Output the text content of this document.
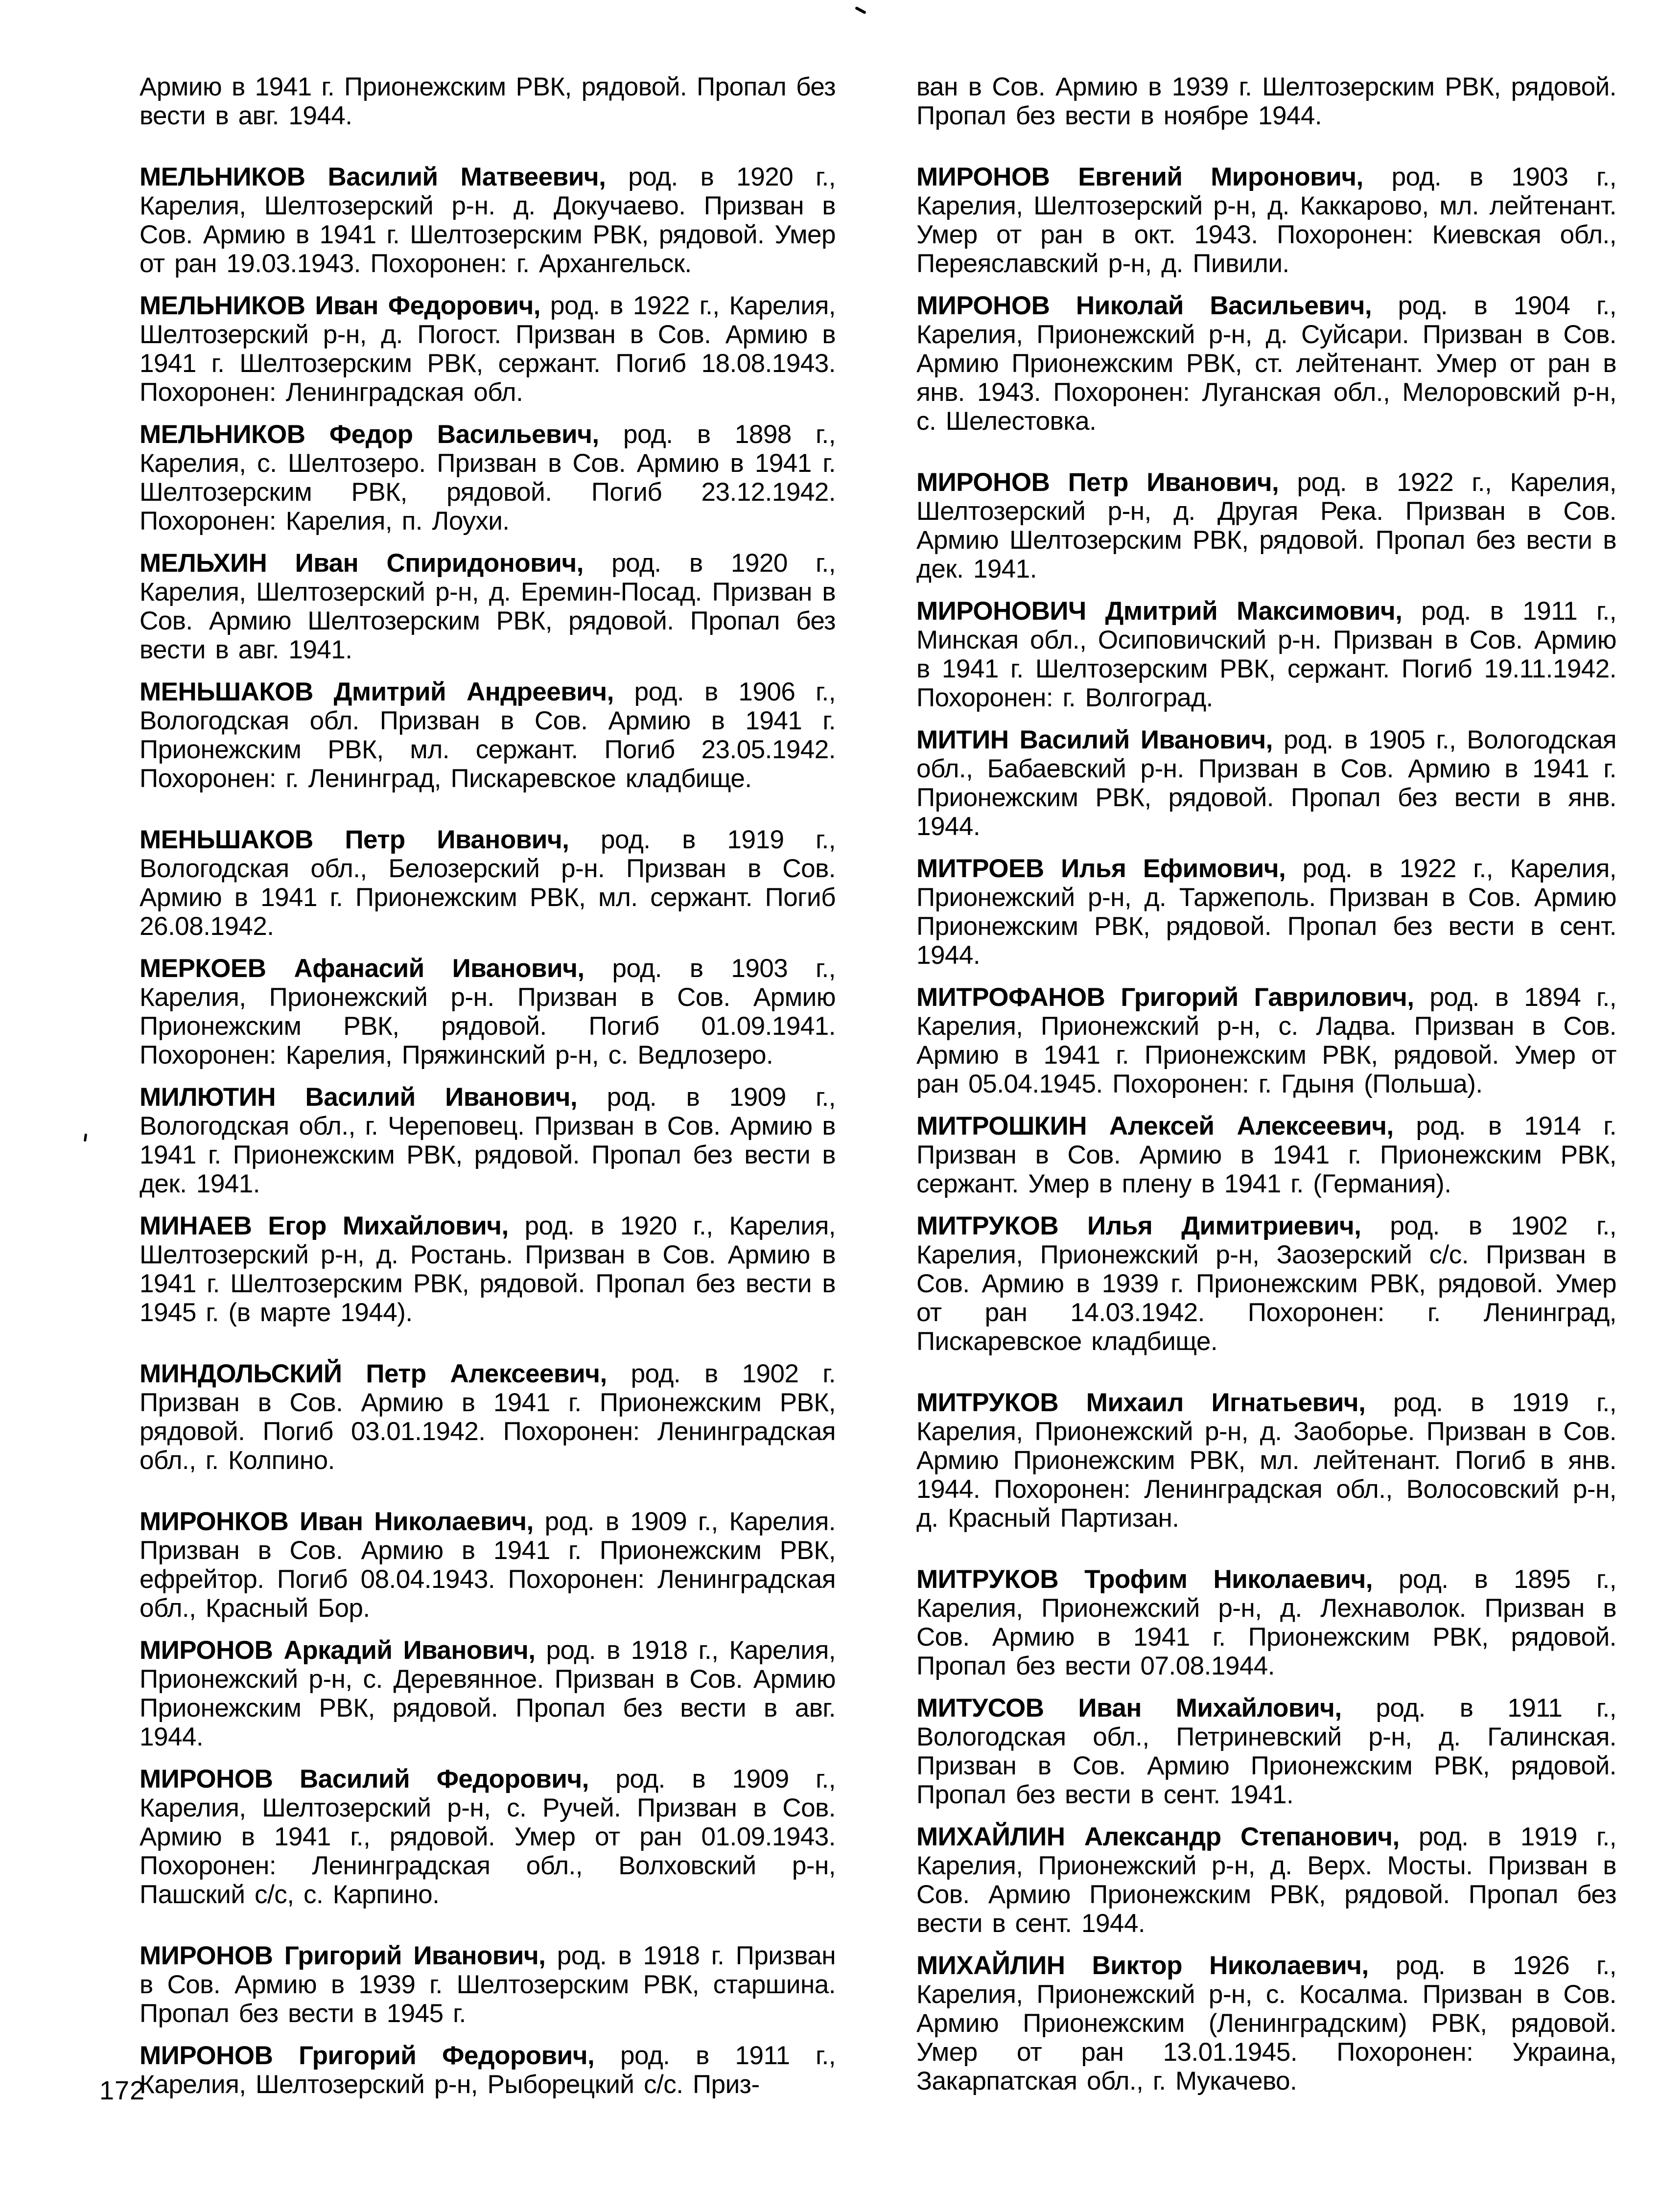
Армию в 1941 г. Прионежским РВК, рядовой. Пропал без вести в авг. 1944.

МЕЛЬНИКОВ Василий Матвеевич, род. в 1920 г., Карелия, Шелтозерский р-н. д. Докучаево. Призван в Сов. Армию в 1941 г. Шелтозерским РВК, рядовой. Умер от ран 19.03.1943. Похоронен: г. Архангельск.

МЕЛЬНИКОВ Иван Федорович, род. в 1922 г., Карелия, Шелтозерский р-н, д. Погост. Призван в Сов. Армию в 1941 г. Шелтозерским РВК, сержант. Погиб 18.08.1943. Похоронен: Ленинградская обл.

МЕЛЬНИКОВ Федор Васильевич, род. в 1898 г., Карелия, с. Шелтозеро. Призван в Сов. Армию в 1941 г. Шелтозерским РВК, рядовой. Погиб 23.12.1942. Похоронен: Карелия, п. Лоухи.

МЕЛЬХИН Иван Спиридонович, род. в 1920 г., Карелия, Шелтозерский р-н, д. Еремин-Посад. Призван в Сов. Армию Шелтозерским РВК, рядовой. Пропал без вести в авг. 1941.

МЕНЬШАКОВ Дмитрий Андреевич, род. в 1906 г., Вологодская обл. Призван в Сов. Армию в 1941 г. Прионежским РВК, мл. сержант. Погиб 23.05.1942. Похоронен: г. Ленинград, Пискаревское кладбище.

МЕНЬШАКОВ Петр Иванович, род. в 1919 г., Вологодская обл., Белозерский р-н. Призван в Сов. Армию в 1941 г. Прионежским РВК, мл. сержант. Погиб 26.08.1942.

МЕРКОЕВ Афанасий Иванович, род. в 1903 г., Карелия, Прионежский р-н. Призван в Сов. Армию Прионежским РВК, рядовой. Погиб 01.09.1941. Похоронен: Карелия, Пряжинский р-н, с. Ведлозеро.

МИЛЮТИН Василий Иванович, род. в 1909 г., Вологодская обл., г. Череповец. Призван в Сов. Армию в 1941 г. Прионежским РВК, рядовой. Пропал без вести в дек. 1941.

МИНАЕВ Егор Михайлович, род. в 1920 г., Карелия, Шелтозерский р-н, д. Ростань. Призван в Сов. Армию в 1941 г. Шелтозерским РВК, рядовой. Пропал без вести в 1945 г. (в марте 1944).

МИНДОЛЬСКИЙ Петр Алексеевич, род. в 1902 г. Призван в Сов. Армию в 1941 г. Прионежским РВК, рядовой. Погиб 03.01.1942. Похоронен: Ленинградская обл., г. Колпино.

МИРОНКОВ Иван Николаевич, род. в 1909 г., Карелия. Призван в Сов. Армию в 1941 г. Прионежским РВК, ефрейтор. Погиб 08.04.1943. Похоронен: Ленинградская обл., Красный Бор.

МИРОНОВ Аркадий Иванович, род. в 1918 г., Карелия, Прионежский р-н, с. Деревянное. Призван в Сов. Армию Прионежским РВК, рядовой. Пропал без вести в авг. 1944.

МИРОНОВ Василий Федорович, род. в 1909 г., Карелия, Шелтозерский р-н, с. Ручей. Призван в Сов. Армию в 1941 г., рядовой. Умер от ран 01.09.1943. Похоронен: Ленинградская обл., Волховский р-н, Пашский с/с, с. Карпино.

МИРОНОВ Григорий Иванович, род. в 1918 г. Призван в Сов. Армию в 1939 г. Шелтозерским РВК, старшина. Пропал без вести в 1945 г.

МИРОНОВ Григорий Федорович, род. в 1911 г., Карелия, Шелтозерский р-н, Рыборецкий с/с. Приз-

ван в Сов. Армию в 1939 г. Шелтозерским РВК, рядовой. Пропал без вести в ноябре 1944.

МИРОНОВ Евгений Миронович, род. в 1903 г., Карелия, Шелтозерский р-н, д. Каккарово, мл. лейтенант. Умер от ран в окт. 1943. Похоронен: Киевская обл., Переяславский р-н, д. Пивили.

МИРОНОВ Николай Васильевич, род. в 1904 г., Карелия, Прионежский р-н, д. Суйсари. Призван в Сов. Армию Прионежским РВК, ст. лейтенант. Умер от ран в янв. 1943. Похоронен: Луганская обл., Мелоровский р-н, с. Шелестовка.

МИРОНОВ Петр Иванович, род. в 1922 г., Карелия, Шелтозерский р-н, д. Другая Река. Призван в Сов. Армию Шелтозерским РВК, рядовой. Пропал без вести в дек. 1941.

МИРОНОВИЧ Дмитрий Максимович, род. в 1911 г., Минская обл., Осиповичский р-н. Призван в Сов. Армию в 1941 г. Шелтозерским РВК, сержант. Погиб 19.11.1942. Похоронен: г. Волгоград.

МИТИН Василий Иванович, род. в 1905 г., Вологодская обл., Бабаевский р-н. Призван в Сов. Армию в 1941 г. Прионежским РВК, рядовой. Пропал без вести в янв. 1944.

МИТРОЕВ Илья Ефимович, род. в 1922 г., Карелия, Прионежский р-н, д. Таржеполь. Призван в Сов. Армию Прионежским РВК, рядовой. Пропал без вести в сент. 1944.

МИТРОФАНОВ Григорий Гаврилович, род. в 1894 г., Карелия, Прионежский р-н, с. Ладва. Призван в Сов. Армию в 1941 г. Прионежским РВК, рядовой. Умер от ран 05.04.1945. Похоронен: г. Гдыня (Польша).

МИТРОШКИН Алексей Алексеевич, род. в 1914 г. Призван в Сов. Армию в 1941 г. Прионежским РВК, сержант. Умер в плену в 1941 г. (Германия).

МИТРУКОВ Илья Димитриевич, род. в 1902 г., Карелия, Прионежский р-н, Заозерский с/с. Призван в Сов. Армию в 1939 г. Прионежским РВК, рядовой. Умер от ран 14.03.1942. Похоронен: г. Ленинград, Пискаревское кладбище.

МИТРУКОВ Михаил Игнатьевич, род. в 1919 г., Карелия, Прионежский р-н, д. Заоборье. Призван в Сов. Армию Прионежским РВК, мл. лейтенант. Погиб в янв. 1944. Похоронен: Ленинградская обл., Волосовский р-н, д. Красный Партизан.

МИТРУКОВ Трофим Николаевич, род. в 1895 г., Карелия, Прионежский р-н, д. Лехнаволок. Призван в Сов. Армию в 1941 г. Прионежским РВК, рядовой. Пропал без вести 07.08.1944.

МИТУСОВ Иван Михайлович, род. в 1911 г., Вологодская обл., Петриневский р-н, д. Галинская. Призван в Сов. Армию Прионежским РВК, рядовой. Пропал без вести в сент. 1941.

МИХАЙЛИН Александр Степанович, род. в 1919 г., Карелия, Прионежский р-н, д. Верх. Мосты. Призван в Сов. Армию Прионежским РВК, рядовой. Пропал без вести в сент. 1944.

МИХАЙЛИН Виктор Николаевич, род. в 1926 г., Карелия, Прионежский р-н, с. Косалма. Призван в Сов. Армию Прионежским (Ленинградским) РВК, рядовой. Умер от ран 13.01.1945. Похоронен: Украина, Закарпатская обл., г. Мукачево.

172
